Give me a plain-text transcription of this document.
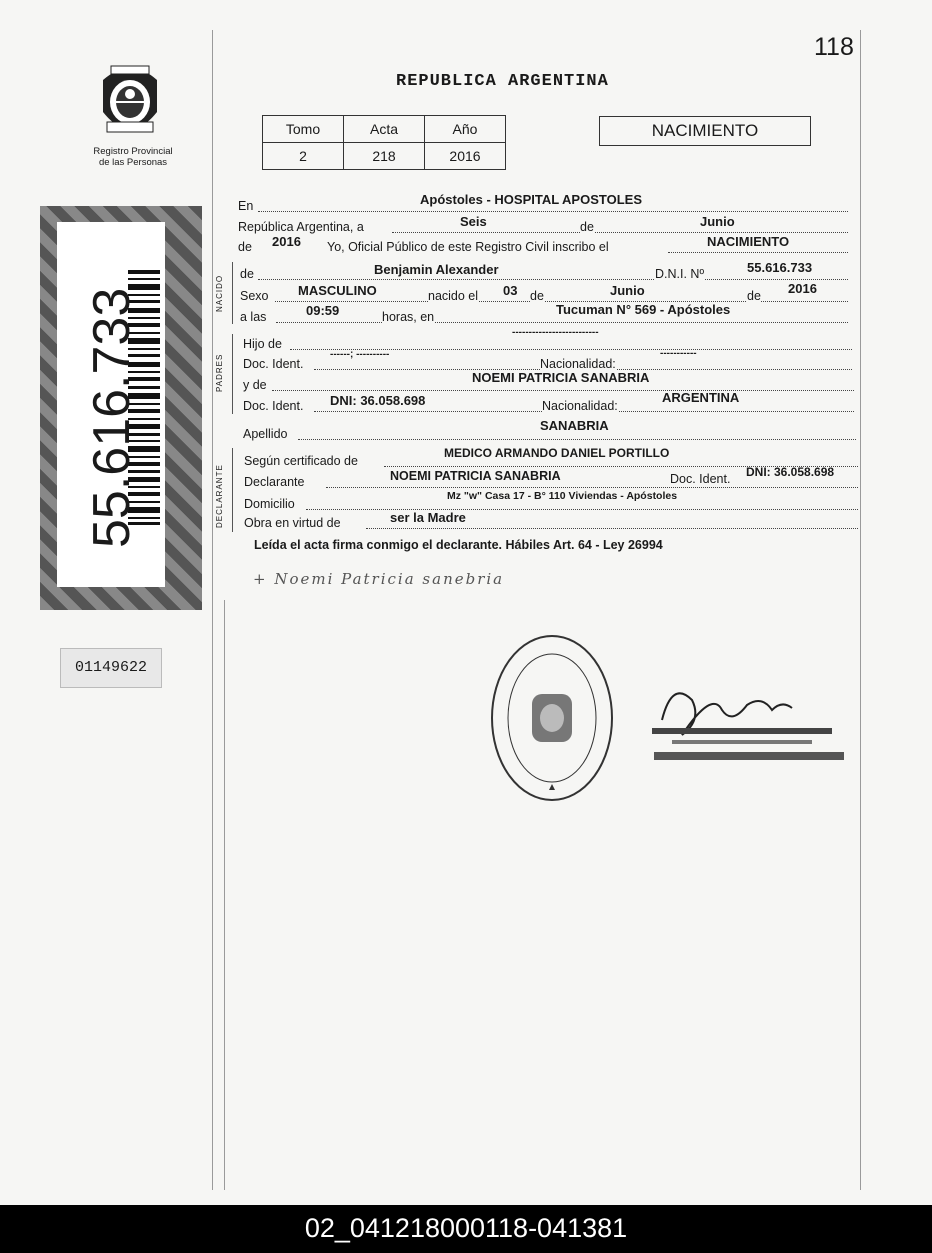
118
Registro Provincial
de las Personas
REPUBLICA ARGENTINA
Tomo	Acta	Año
2	218	2016
NACIMIENTO
55.616.733
01149622
NACIDO
PADRES
DECLARANTE
En	Apóstoles - HOSPITAL APOSTOLES
República Argentina, a	Seis	de	Junio
de 2016 Yo, Oficial Público de este Registro Civil inscribo el	NACIMIENTO
de	Benjamin Alexander	D.N.I. Nº	55.616.733
Sexo MASCULINO	nacido el 03 de	Junio	de 2016
a las	09:59	horas, en	Tucuman N° 569 - Apóstoles
Hijo de
--------------------------
Doc. Ident.
------; ----------
Nacionalidad:
-----------
y de	NOEMI PATRICIA SANABRIA
Doc. Ident. DNI: 36.058.698	Nacionalidad:
ARGENTINA
Apellido
SANABRIA
Según certificado de
MEDICO ARMANDO DANIEL PORTILLO
Declarante	NOEMI PATRICIA SANABRIA	Doc. Ident. DNI: 36.058.698
Domicilio
Mz "w" Casa 17 - B° 110 Viviendas - Apóstoles
Obra en virtud de	ser la Madre
Leída el acta firma conmigo el declarante. Hábiles Art. 64 - Ley 26994
+ Noemi Patricia sanebria
02_041218000118-041381
